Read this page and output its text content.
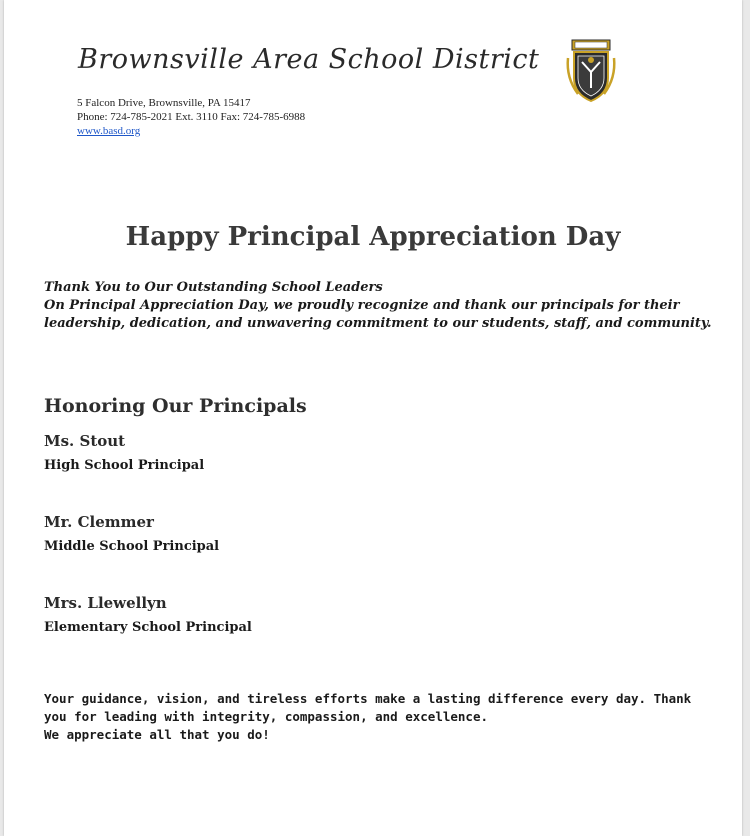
Brownsville Area School District
5 Falcon Drive, Brownsville, PA 15417
Phone: 724-785-2021 Ext. 3110 Fax: 724-785-6988
www.basd.org
Happy Principal Appreciation Day
Thank You to Our Outstanding School Leaders
On Principal Appreciation Day, we proudly recognize and thank our principals for their leadership, dedication, and unwavering commitment to our students, staff, and community.
Honoring Our Principals
Ms. Stout
High School Principal
Mr. Clemmer
Middle School Principal
Mrs. Llewellyn
Elementary School Principal
Your guidance, vision, and tireless efforts make a lasting difference every day. Thank you for leading with integrity, compassion, and excellence.
We appreciate all that you do!
